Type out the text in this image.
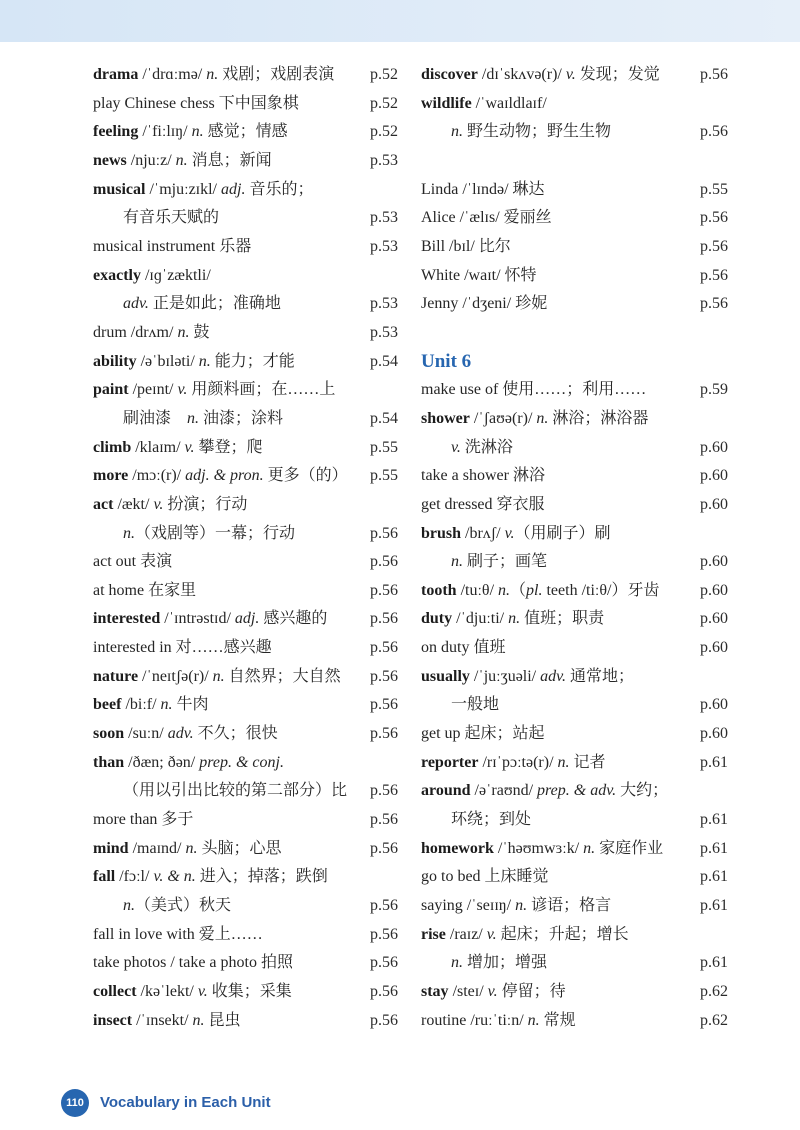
drama /ˈdrɑːmə/ n. 戏剧；戏剧表演 p.52
play Chinese chess 下中国象棋	p.52
feeling /ˈfiːlɪŋ/ n. 感觉；情感	p.52
news /njuːz/ n. 消息；新闻	p.53
musical /ˈmjuːzɪkl/ adj. 音乐的；
有音乐天赋的	p.53
musical instrument 乐器	p.53
exactly /ɪɡˈzæktli/
adv. 正是如此；准确地	p.53
drum /drʌm/ n. 鼓	p.53
ability /əˈbɪləti/ n. 能力；才能	p.54
paint /peɪnt/ v. 用颜料画；在……上
刷油漆　n. 油漆；涂料	p.54
climb /klaɪm/ v. 攀登；爬	p.55
more /mɔː(r)/ adj. & pron. 更多（的） p.55
act /ækt/ v. 扮演；行动
n.（戏剧等）一幕；行动	p.56
act out 表演	p.56
at home 在家里	p.56
interested /ˈɪntrəstɪd/ adj. 感兴趣的	p.56
interested in 对……感兴趣	p.56
nature /ˈneɪtʃə(r)/ n. 自然界；大自然 p.56
beef /biːf/ n. 牛肉	p.56
soon /suːn/ adv. 不久；很快	p.56
than /ðæn; ðən/ prep. & conj.
（用以引出比较的第二部分）比 p.56
more than 多于	p.56
mind /maɪnd/ n. 头脑；心思	p.56
fall /fɔːl/ v. & n. 进入；掉落；跌倒
n.（美式）秋天	p.56
fall in love with 爱上……	p.56
take photos / take a photo 拍照	p.56
collect /kəˈlekt/ v. 收集；采集	p.56
insect /ˈɪnsekt/ n. 昆虫	p.56
discover /dɪˈskʌvə(r)/ v. 发现；发觉	p.56
wildlife /ˈwaɪldlaɪf/
n. 野生动物；野生生物	p.56
Linda /ˈlɪndə/ 琳达	p.55
Alice /ˈælɪs/ 爱丽丝	p.56
Bill /bɪl/ 比尔	p.56
White /waɪt/ 怀特	p.56
Jenny /ˈdʒeni/ 珍妮	p.56
Unit 6
make use of 使用……；利用……	p.59
shower /ˈʃaʊə(r)/ n. 淋浴；淋浴器
v. 洗淋浴	p.60
take a shower 淋浴	p.60
get dressed 穿衣服	p.60
brush /brʌʃ/ v.（用刷子）刷
n. 刷子；画笔	p.60
tooth /tuːθ/ n.（pl. teeth /tiːθ/）牙齿	p.60
duty /ˈdjuːti/ n. 值班；职责	p.60
on duty 值班	p.60
usually /ˈjuːʒuəli/ adv. 通常地；
一般地	p.60
get up 起床；站起	p.60
reporter /rɪˈpɔːtə(r)/ n. 记者	p.61
around /əˈraʊnd/ prep. & adv. 大约；
环绕；到处	p.61
homework /ˈhəʊmwɜːk/ n. 家庭作业 p.61
go to bed 上床睡觉	p.61
saying /ˈseɪɪŋ/ n. 谚语；格言	p.61
rise /raɪz/ v. 起床；升起；增长
n. 增加；增强	p.61
stay /steɪ/ v. 停留；待	p.62
routine /ruːˈtiːn/ n. 常规	p.62
110	Vocabulary in Each Unit
